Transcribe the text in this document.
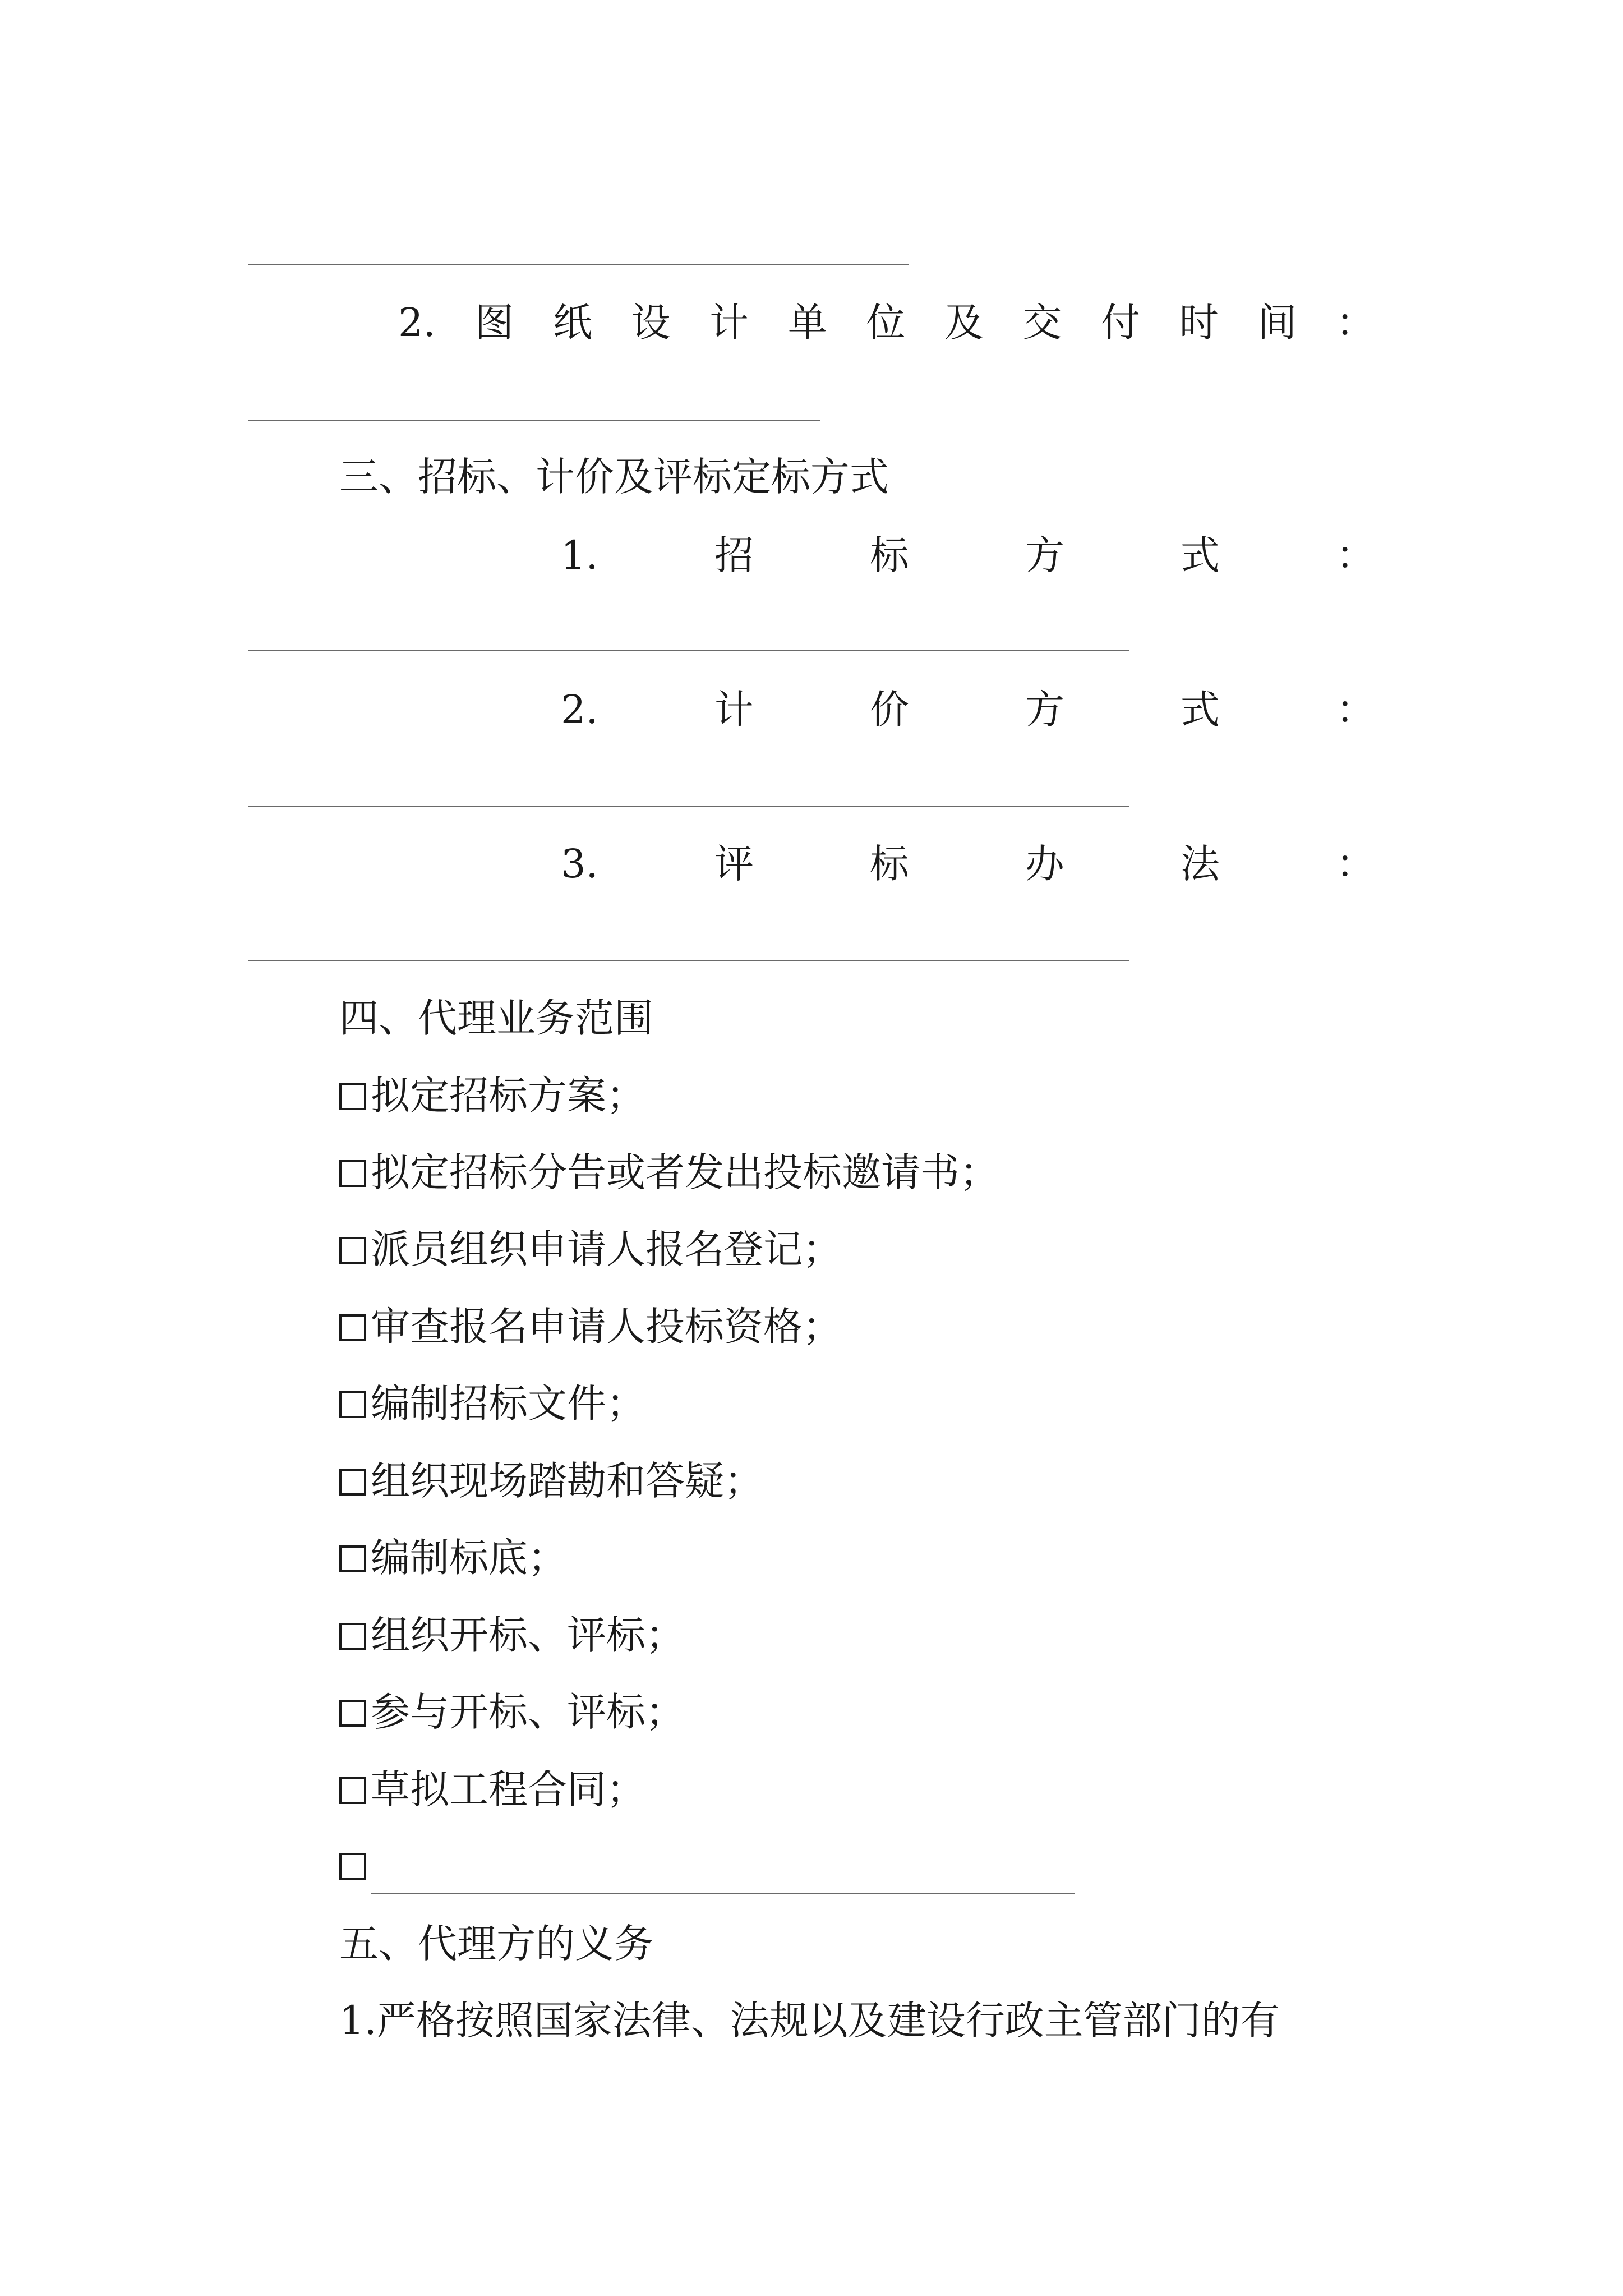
2. 图 纸 设 计 单 位 及 交 付 时 间 ：
三、招标、计价及评标定标方式
1.	招	标	方	式	：
2.	计	价	方	式	：
3.	评	标	办	法	：
四、代理业务范围
拟定招标方案；
拟定招标分告或者发出投标邀请书；
派员组织申请人报名登记；
审查报名申请人投标资格；
编制招标文件；
组织现场踏勘和答疑；
编制标底；
组织开标、评标；
参与开标、评标；
草拟工程合同；
五、代理方的义务
1.严格按照国家法律、法规以及建设行政主管部门的有
